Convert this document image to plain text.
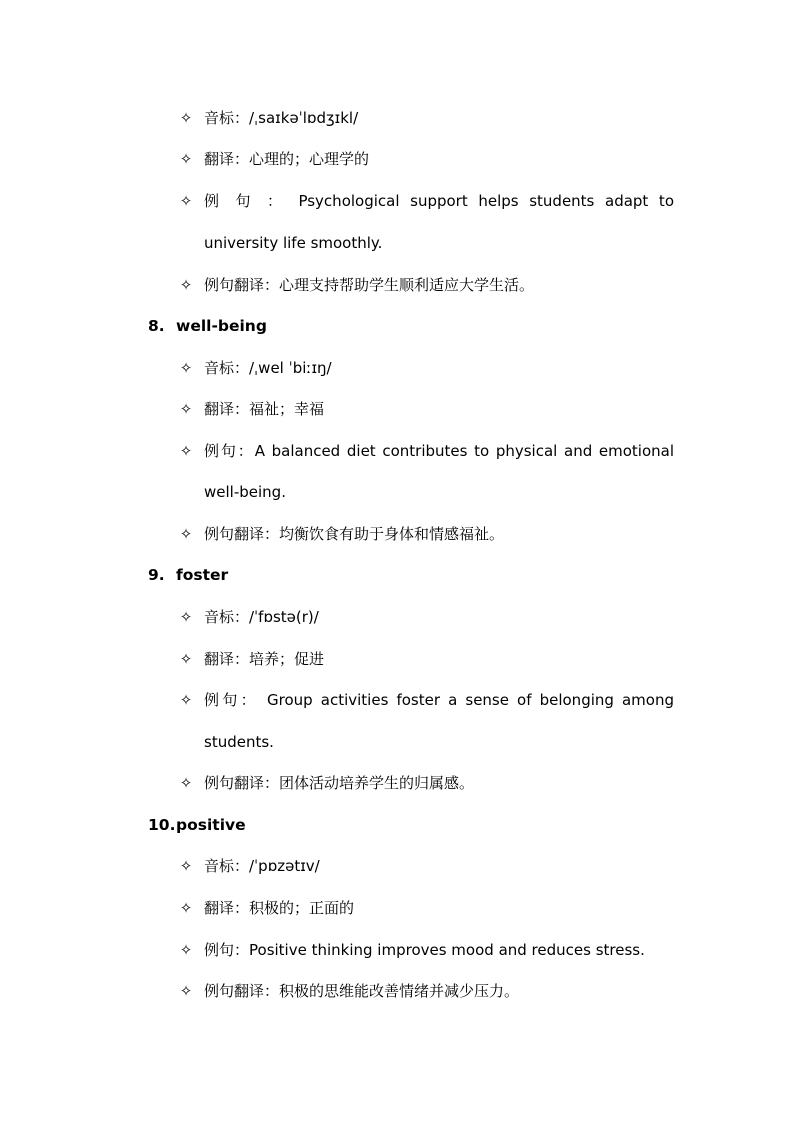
✧ 音标：/ˌsaɪkəˈlɒdʒɪkl/
✧ 翻译：心理的；心理学的
✧ 例 句 ： Psychological support helps students adapt to
university life smoothly.
✧ 例句翻译：心理支持帮助学生顺利适应大学生活。
8. well-being
✧ 音标：/ˌwel ˈbiːɪŋ/
✧ 翻译：福祉；幸福
✧ 例句：A balanced diet contributes to physical and emotional
well-being.
✧ 例句翻译：均衡饮食有助于身体和情感福祉。
9. foster
✧ 音标：/ˈfɒstə(r)/
✧ 翻译：培养；促进
✧ 例句： Group activities foster a sense of belonging among
students.
✧ 例句翻译：团体活动培养学生的归属感。
10.positive
✧ 音标：/ˈpɒzətɪv/
✧ 翻译：积极的；正面的
✧ 例句：Positive thinking improves mood and reduces stress.
✧ 例句翻译：积极的思维能改善情绪并减少压力。
